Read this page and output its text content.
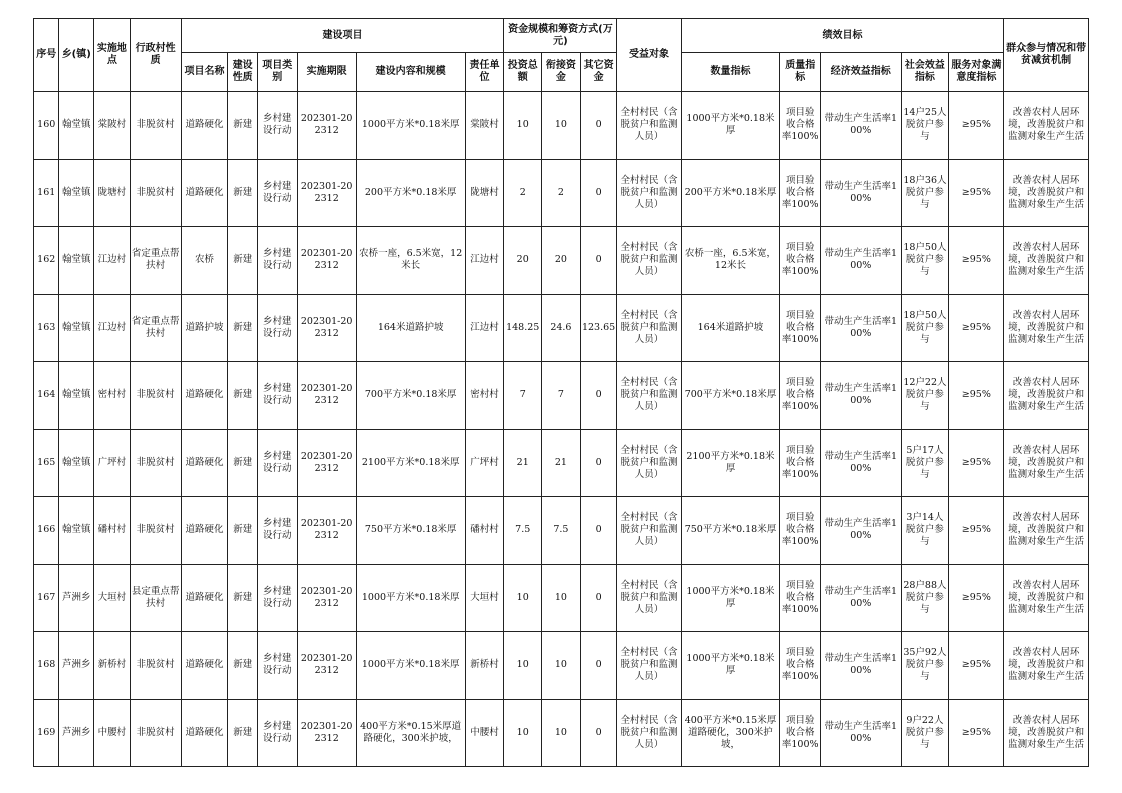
序号	乡(镇)	实施地点	行政村性质	建设项目						资金规模和筹资方式(万元)			受益对象	绩效目标					群众参与情况和带贫减贫机制
				项目名称	建设性质	项目类别	实施期限	建设内容和规模	责任单位	投资总额	衔接资金	其它资金		数量指标	质量指标	经济效益指标	社会效益指标	服务对象满意度指标	
160	翰堂镇	棠陂村	非脱贫村	道路硬化	新建	乡村建设行动	202301-202312	1000平方米*0.18米厚	棠陂村	10	10	0	全村村民（含脱贫户和监测人员）	1000平方米*0.18米厚	项目验收合格率100%	带动生产生活率100%	14户25人脱贫户参与	≥95%	改善农村人居环境，改善脱贫户和监测对象生产生活
161	翰堂镇	陇塘村	非脱贫村	道路硬化	新建	乡村建设行动	202301-202312	200平方米*0.18米厚	陇塘村	2	2	0	全村村民（含脱贫户和监测人员）	200平方米*0.18米厚	项目验收合格率100%	带动生产生活率100%	18户36人脱贫户参与	≥95%	改善农村人居环境，改善脱贫户和监测对象生产生活
162	翰堂镇	江边村	省定重点帮扶村	农桥	新建	乡村建设行动	202301-202312	农桥一座，6.5米宽，12米长	江边村	20	20	0	全村村民（含脱贫户和监测人员）	农桥一座，6.5米宽，12米长	项目验收合格率100%	带动生产生活率100%	18户50人脱贫户参与	≥95%	改善农村人居环境，改善脱贫户和监测对象生产生活
163	翰堂镇	江边村	省定重点帮扶村	道路护坡	新建	乡村建设行动	202301-202312	164米道路护坡	江边村	148.25	24.6	123.65	全村村民（含脱贫户和监测人员）	164米道路护坡	项目验收合格率100%	带动生产生活率100%	18户50人脱贫户参与	≥95%	改善农村人居环境，改善脱贫户和监测对象生产生活
164	翰堂镇	密村村	非脱贫村	道路硬化	新建	乡村建设行动	202301-202312	700平方米*0.18米厚	密村村	7	7	0	全村村民（含脱贫户和监测人员）	700平方米*0.18米厚	项目验收合格率100%	带动生产生活率100%	12户22人脱贫户参与	≥95%	改善农村人居环境，改善脱贫户和监测对象生产生活
165	翰堂镇	广坪村	非脱贫村	道路硬化	新建	乡村建设行动	202301-202312	2100平方米*0.18米厚	广坪村	21	21	0	全村村民（含脱贫户和监测人员）	2100平方米*0.18米厚	项目验收合格率100%	带动生产生活率100%	5户17人脱贫户参与	≥95%	改善农村人居环境，改善脱贫户和监测对象生产生活
166	翰堂镇	磻村村	非脱贫村	道路硬化	新建	乡村建设行动	202301-202312	750平方米*0.18米厚	磻村村	7.5	7.5	0	全村村民（含脱贫户和监测人员）	750平方米*0.18米厚	项目验收合格率100%	带动生产生活率100%	3户14人脱贫户参与	≥95%	改善农村人居环境，改善脱贫户和监测对象生产生活
167	芦洲乡	大垣村	县定重点帮扶村	道路硬化	新建	乡村建设行动	202301-202312	1000平方米*0.18米厚	大垣村	10	10	0	全村村民（含脱贫户和监测人员）	1000平方米*0.18米厚	项目验收合格率100%	带动生产生活率100%	28户88人脱贫户参与	≥95%	改善农村人居环境，改善脱贫户和监测对象生产生活
168	芦洲乡	新桥村	非脱贫村	道路硬化	新建	乡村建设行动	202301-202312	1000平方米*0.18米厚	新桥村	10	10	0	全村村民（含脱贫户和监测人员）	1000平方米*0.18米厚	项目验收合格率100%	带动生产生活率100%	35户92人脱贫户参与	≥95%	改善农村人居环境，改善脱贫户和监测对象生产生活
169	芦洲乡	中腰村	非脱贫村	道路硬化	新建	乡村建设行动	202301-202312	400平方米*0.15米厚道路硬化，300米护坡，	中腰村	10	10	0	全村村民（含脱贫户和监测人员）	400平方米*0.15米厚道路硬化，300米护坡，	项目验收合格率100%	带动生产生活率100%	9户22人脱贫户参与	≥95%	改善农村人居环境，改善脱贫户和监测对象生产生活
